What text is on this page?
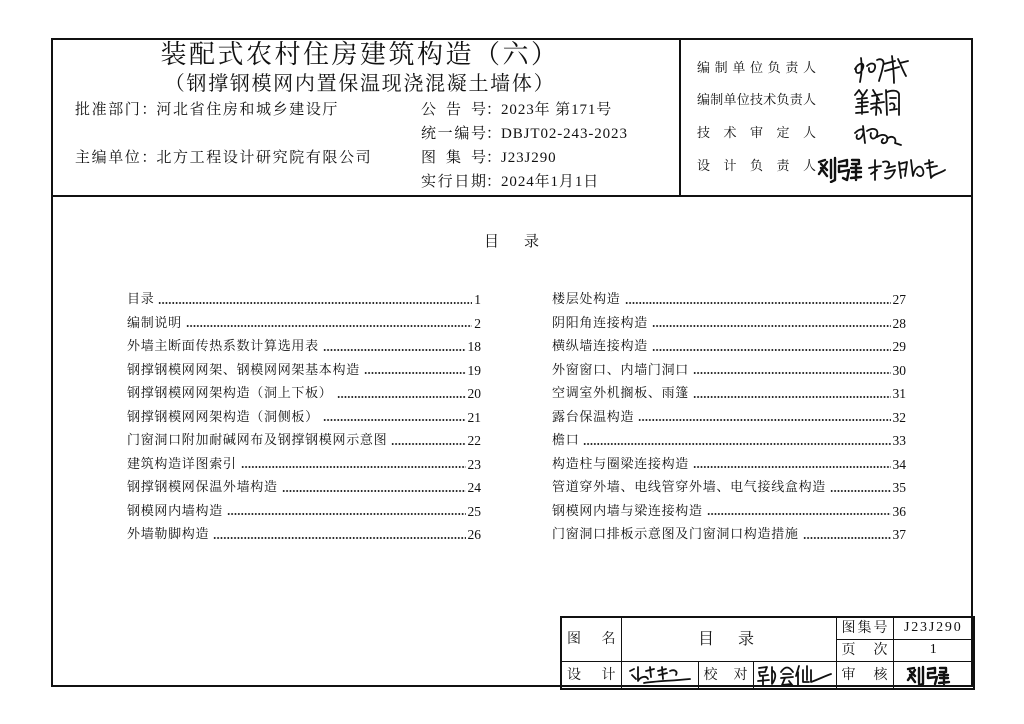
装配式农村住房建筑构造（六）
（钢撑钢模网内置保温现浇混凝土墙体）
批准部门：河北省住房和城乡建设厅
主编单位：北方工程设计研究院有限公司
公告号：2023年 第171号
统一编号：DBJT02-243-2023
图集号：J23J290
实行日期：2024年1月1日
编制单位负责人
编制单位技术负责人
技术审定人
设计负责人
目录
目录	1
编制说明	2
外墙主断面传热系数计算选用表	18
钢撑钢模网网架、钢模网网架基本构造	19
钢撑钢模网网架构造（洞上下板）	20
钢撑钢模网网架构造（洞侧板）	21
门窗洞口附加耐碱网布及钢撑钢模网示意图	22
建筑构造详图索引	23
钢撑钢模网保温外墙构造	24
钢模网内墙构造	25
外墙勒脚构造	26
楼层处构造	27
阴阳角连接构造	28
横纵墙连接构造	29
外窗窗口、内墙门洞口	30
空调室外机搁板、雨篷	31
露台保温构造	32
檐口	33
构造柱与圈梁连接构造	34
管道穿外墙、电线管穿外墙、电气接线盒构造	35
钢模网内墙与梁连接构造	36
门窗洞口排板示意图及门窗洞口构造措施	37
图名	目录			图集号	J23J290
				页次	1
设计		校对		审核	
